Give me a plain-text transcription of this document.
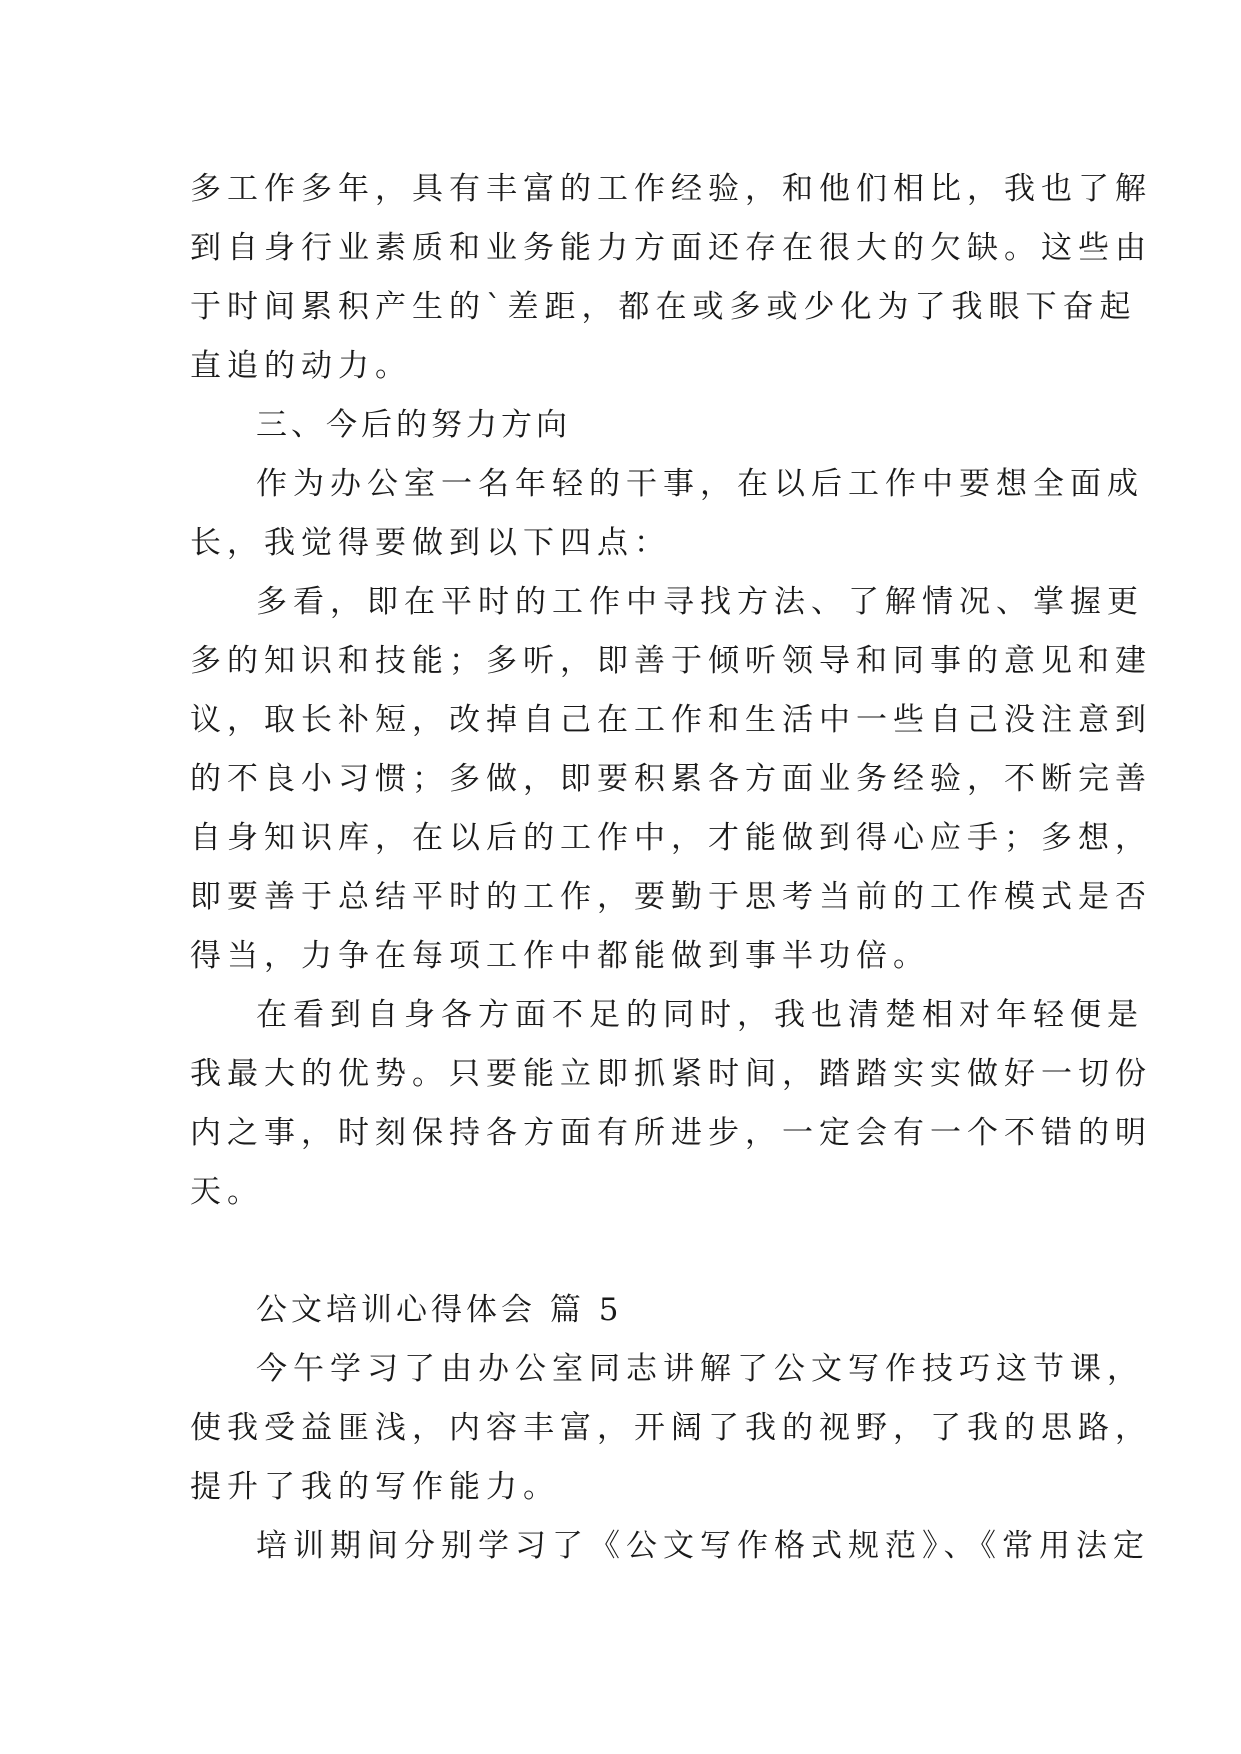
多工作多年，具有丰富的工作经验，和他们相比，我也了解
到自身行业素质和业务能力方面还存在很大的欠缺。这些由
于时间累积产生的`差距，都在或多或少化为了我眼下奋起
直追的动力。
三、今后的努力方向
作为办公室一名年轻的干事，在以后工作中要想全面成
长，我觉得要做到以下四点：
多看，即在平时的工作中寻找方法、了解情况、掌握更
多的知识和技能；多听，即善于倾听领导和同事的意见和建
议，取长补短，改掉自己在工作和生活中一些自己没注意到
的不良小习惯；多做，即要积累各方面业务经验，不断完善
自身知识库，在以后的工作中，才能做到得心应手；多想，
即要善于总结平时的工作，要勤于思考当前的工作模式是否
得当，力争在每项工作中都能做到事半功倍。
在看到自身各方面不足的同时，我也清楚相对年轻便是
我最大的优势。只要能立即抓紧时间，踏踏实实做好一切份
内之事，时刻保持各方面有所进步，一定会有一个不错的明
天。
公文培训心得体会 篇 5
今午学习了由办公室同志讲解了公文写作技巧这节课，
使我受益匪浅，内容丰富，开阔了我的视野，了我的思路，
提升了我的写作能力。
培训期间分别学习了《公文写作格式规范》、《常用法定
